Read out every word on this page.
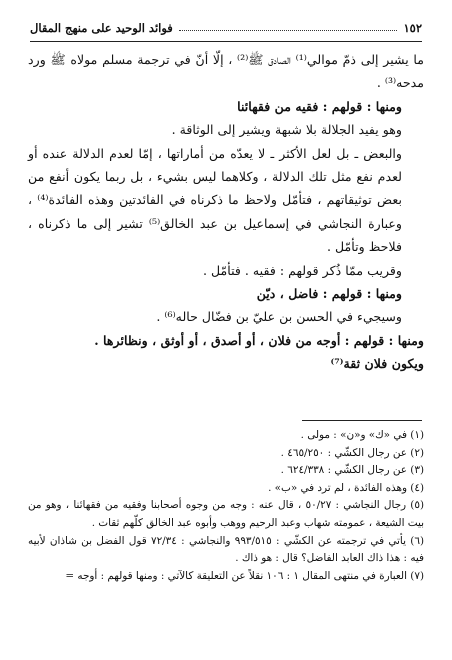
١٥٢
فوائد الوحيد على منهج المقال

ما يشير إلى ذمّ موالي⁽¹⁾ الصادق ﷺ⁽²⁾ ، إلّا أنّ في ترجمة مسلم مولاه ﷺ ورد مدحه⁽³⁾ .

ومنها : قولهم : فقيه من فقهائنا

وهو يفيد الجلالة بلا شبهة ويشير إلى الوثاقة .

والبعض ـ بل لعل الأكثر ـ لا يعدّه من أماراتها ، إمّا لعدم الدلالة عنده أو لعدم نفع مثل تلك الدلالة ، وكلاهما ليس بشيء ، بل ربما يكون أنفع من بعض توثيقاتهم ، فتأمّل ولاحظ ما ذكرناه في الفائدتين وهذه الفائدة⁽⁴⁾ ، وعبارة النجاشي في إسماعيل بن عبد الخالق⁽⁵⁾ تشير إلى ما ذكرناه ، فلاحظ وتأمّل .

وقريب ممّا ذُكر قولهم : فقيه . فتأمّل .

ومنها : قولهم : فاضل ، ديّن

وسيجيء في الحسن بن عليّ بن فضّال حاله⁽⁶⁾ .

ومنها : قولهم : أوجه من فلان ، أو أصدق ، أو أوثق ، ونظائرها .

ويكون فلان ثقة⁽⁷⁾

(١) في «ك» و«ن» : مولى .

(٢) عن رجال الكشّي : ٤٦٥/٢٥٠ .

(٣) عن رجال الكشّي : ٦٢٤/٣٣٨ .

(٤) وهذه الفائدة ، لم ترد في «ب» .

(٥) رجال النجاشي : ٥٠/٢٧ ، قال عنه : وجه من وجوه أصحابنا وفقيه من فقهائنا ، وهو من بيت الشيعة ، عمومته شهاب وعبد الرحيم ووهب وأبوه عبد الخالق كلّهم ثقات .

(٦) يأتي في ترجمته عن الكشّي : ٩٩٣/٥١٥ والنجاشي : ٧٢/٣٤ قول الفضل بن شاذان لأبيه فيه : هذا ذاك العابد الفاضل؟ قال : هو ذاك .

(٧) العبارة في منتهى المقال ١ : ١٠٦ نقلاً عن التعليقة كالآتي : ومنها قولهم : أوجه =
